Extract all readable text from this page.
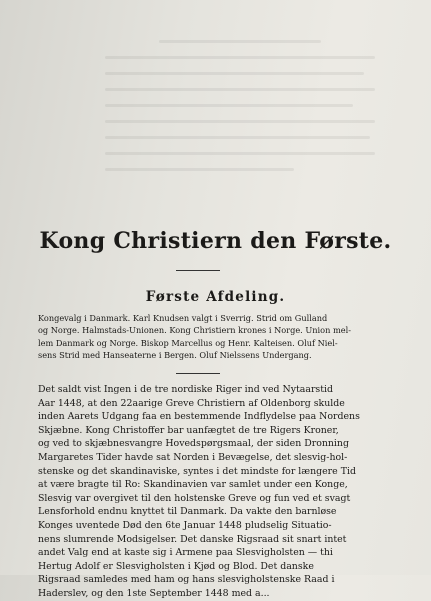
Kong Christiern den Første.
Første Afdeling.
Kongevalg i Danmark. Karl Knudsen valgt i Sverrig. Strid om Gulland
og Norge. Halmstads-Unionen. Kong Christiern krones i Norge. Union mel-
lem Danmark og Norge. Biskop Marcellus og Henr. Kalteisen. Oluf Niel-
sens Strid med Hanseaterne i Bergen. Oluf Nielssens Undergang.
Det saldt vist Ingen i de tre nordiske Riger ind ved Nytaarstid
Aar 1448, at den 22aarige Greve Christiern af Oldenborg skulde
inden Aarets Udgang faa en bestemmende Indflydelse paa Nordens
Skjæbne. Kong Christoffer bar uanfægtet de tre Rigers Kroner,
og ved to skjæbnesvangre Hovedspørgsmaal, der siden Dronning
Margaretes Tider havde sat Norden i Bevægelse, det slesvig-hol-
stenske og det skandinaviske, syntes i det mindste for længere Tid
at være bragte til Ro: Skandinavien var samlet under een Konge,
Slesvig var overgivet til den holstenske Greve og fun ved et svagt
Lensforhold endnu knyttet til Danmark. Da vakte den barnløse
Konges uventede Død den 6te Januar 1448 pludselig Situatio-
nens slumrende Modsigelser. Det danske Rigsraad sit snart intet
andet Valg end at kaste sig i Armene paa Slesvigholsten — thi
Hertug Adolf er Slesvigholsten i Kjød og Blod. Det danske
Rigsraad samledes med ham og hans slesvigholstenske Raad i
Haderslev, og den 1ste September 1448 med a...
